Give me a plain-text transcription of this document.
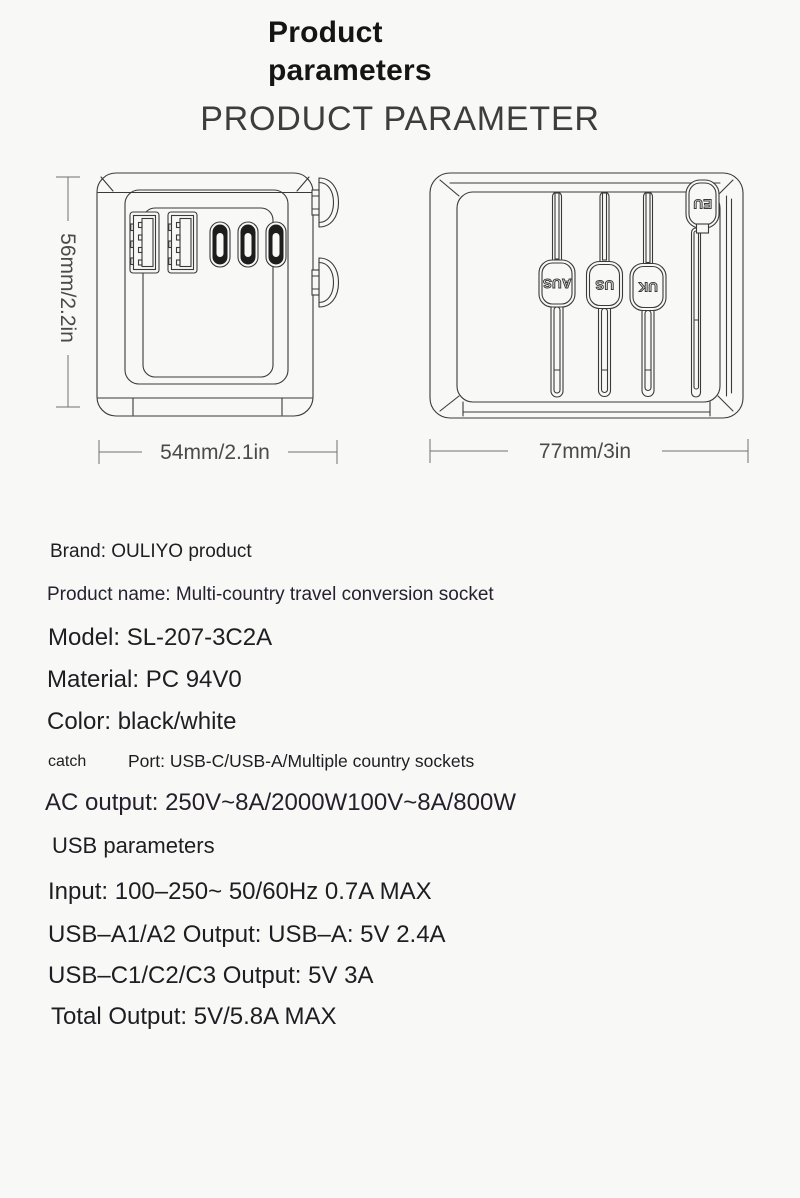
Product
parameters
PRODUCT PARAMETER
56mm/2.2in	AUS US UK
EU
54mm/2.1in	77mm/3in
Brand: OULIYO product
Product name: Multi-country travel conversion socket
Model: SL-207-3C2A
Material: PC 94V0
Color: black/white
catch Port: USB-C/USB-A/Multiple country sockets
AC output: 250V~8A/2000W100V~8A/800W
USB parameters
Input: 100–250~ 50/60Hz 0.7A MAX
USB–A1/A2 Output: USB–A: 5V 2.4A
USB–C1/C2/C3 Output: 5V 3A
Total Output: 5V/5.8A MAX
